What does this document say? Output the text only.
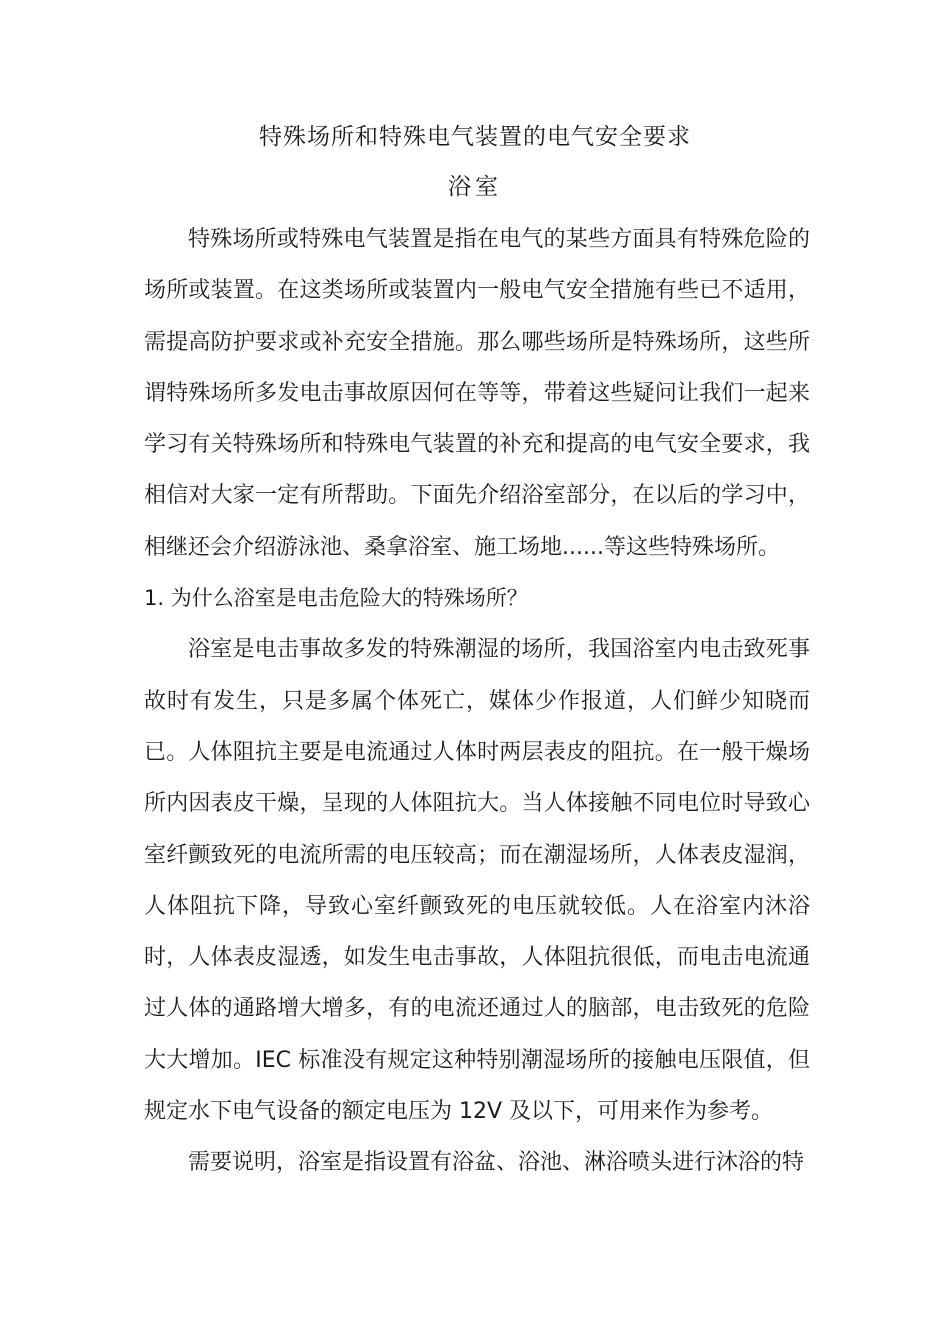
特殊场所和特殊电气装置的电气安全要求
浴室

特殊场所或特殊电气装置是指在电气的某些方面具有特殊危险的场所或装置。在这类场所或装置内一般电气安全措施有些已不适用，需提高防护要求或补充安全措施。那么哪些场所是特殊场所，这些所谓特殊场所多发电击事故原因何在等等，带着这些疑问让我们一起来学习有关特殊场所和特殊电气装置的补充和提高的电气安全要求，我相信对大家一定有所帮助。下面先介绍浴室部分，在以后的学习中，相继还会介绍游泳池、桑拿浴室、施工场地......等这些特殊场所。

1. 为什么浴室是电击危险大的特殊场所？

浴室是电击事故多发的特殊潮湿的场所，我国浴室内电击致死事故时有发生，只是多属个体死亡，媒体少作报道，人们鲜少知晓而已。人体阻抗主要是电流通过人体时两层表皮的阻抗。在一般干燥场所内因表皮干燥，呈现的人体阻抗大。当人体接触不同电位时导致心室纤颤致死的电流所需的电压较高；而在潮湿场所，人体表皮湿润，人体阻抗下降，导致心室纤颤致死的电压就较低。人在浴室内沐浴时，人体表皮湿透，如发生电击事故，人体阻抗很低，而电击电流通过人体的通路增大增多，有的电流还通过人的脑部，电击致死的危险大大增加。IEC 标准没有规定这种特别潮湿场所的接触电压限值，但规定水下电气设备的额定电压为 12V 及以下，可用来作为参考。

需要说明，浴室是指设置有浴盆、浴池、淋浴喷头进行沐浴的特
